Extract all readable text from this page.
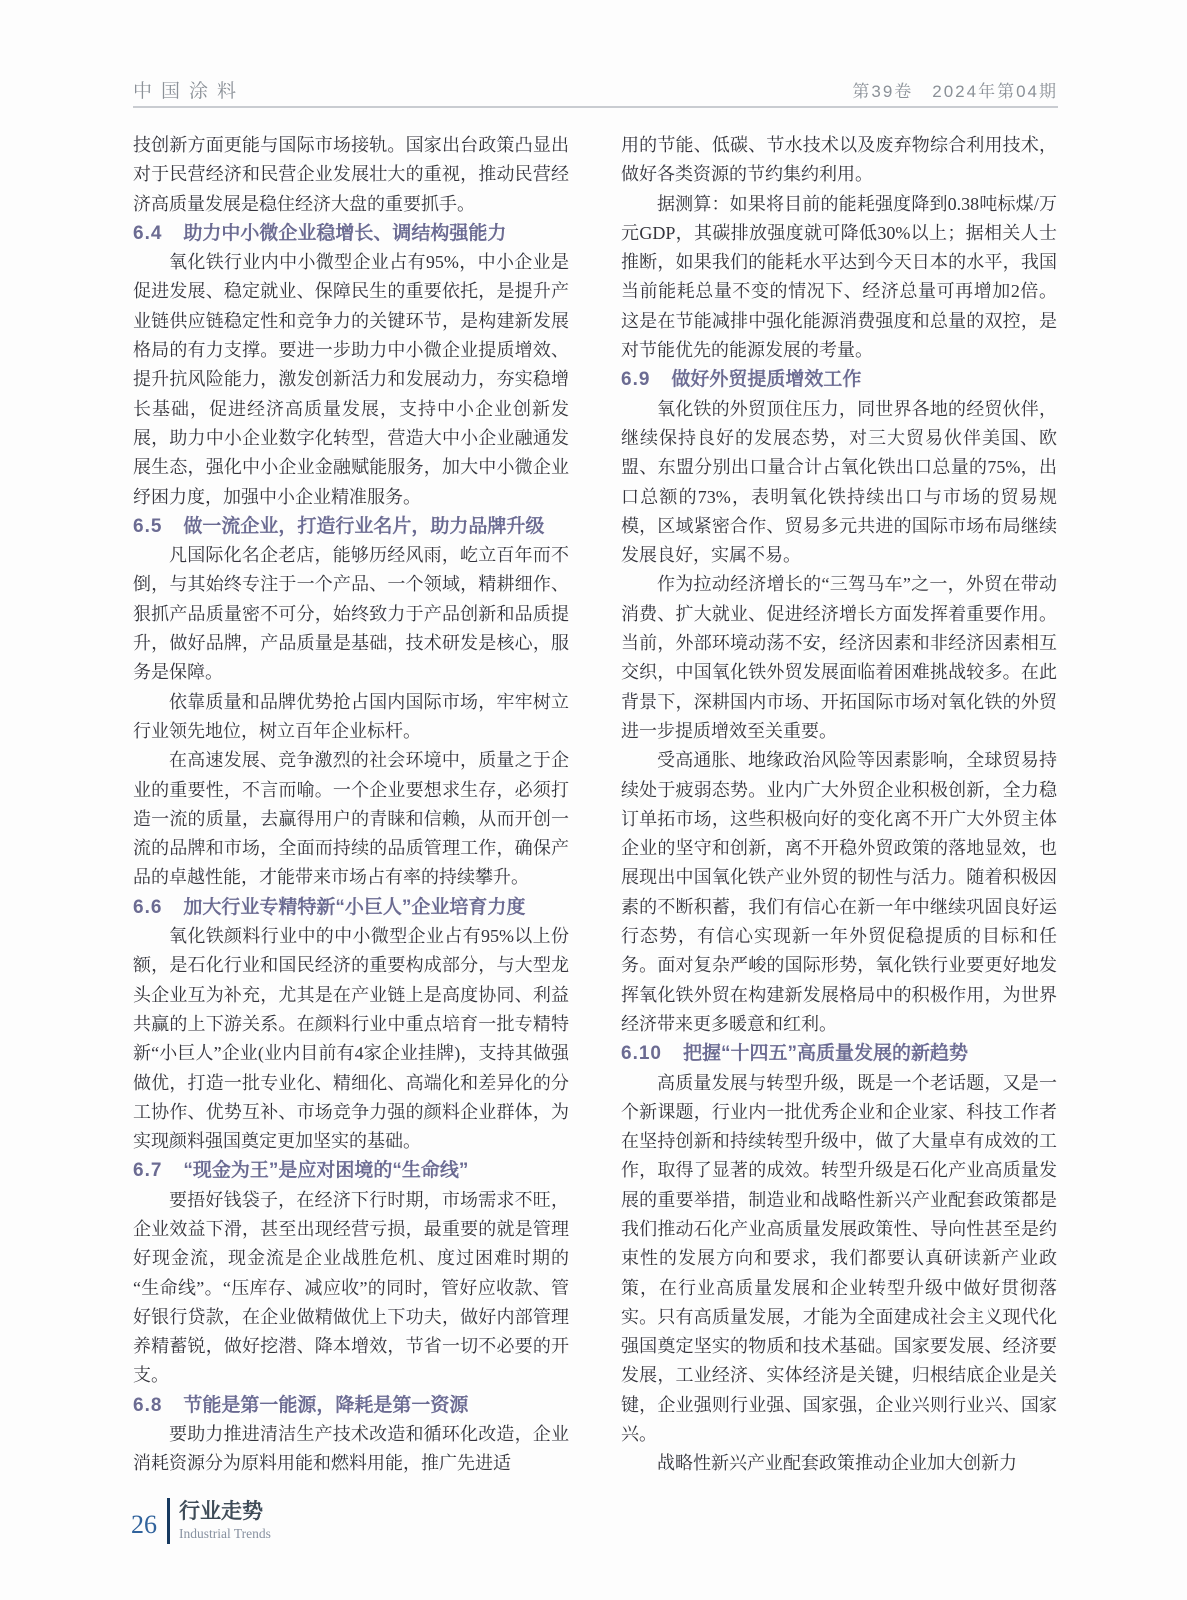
中国涂料	第39卷　2024年第04期

技创新方面更能与国际市场接轨。国家出台政策凸显出对于民营经济和民营企业发展壮大的重视，推动民营经济高质量发展是稳住经济大盘的重要抓手。

6.4 助力中小微企业稳增长、调结构强能力

氧化铁行业内中小微型企业占有95%，中小企业是促进发展、稳定就业、保障民生的重要依托，是提升产业链供应链稳定性和竞争力的关键环节，是构建新发展格局的有力支撑。要进一步助力中小微企业提质增效、提升抗风险能力，激发创新活力和发展动力，夯实稳增长基础，促进经济高质量发展，支持中小企业创新发展，助力中小企业数字化转型，营造大中小企业融通发展生态，强化中小企业金融赋能服务，加大中小微企业纾困力度，加强中小企业精准服务。

6.5 做一流企业，打造行业名片，助力品牌升级

凡国际化名企老店，能够历经风雨，屹立百年而不倒，与其始终专注于一个产品、一个领域，精耕细作、狠抓产品质量密不可分，始终致力于产品创新和品质提升，做好品牌，产品质量是基础，技术研发是核心，服务是保障。

依靠质量和品牌优势抢占国内国际市场，牢牢树立行业领先地位，树立百年企业标杆。

在高速发展、竞争激烈的社会环境中，质量之于企业的重要性，不言而喻。一个企业要想求生存，必须打造一流的质量，去赢得用户的青睐和信赖，从而开创一流的品牌和市场，全面而持续的品质管理工作，确保产品的卓越性能，才能带来市场占有率的持续攀升。

6.6 加大行业专精特新“小巨人”企业培育力度

氧化铁颜料行业中的中小微型企业占有95%以上份额，是石化行业和国民经济的重要构成部分，与大型龙头企业互为补充，尤其是在产业链上是高度协同、利益共赢的上下游关系。在颜料行业中重点培育一批专精特新“小巨人”企业(业内目前有4家企业挂牌)，支持其做强做优，打造一批专业化、精细化、高端化和差异化的分工协作、优势互补、市场竞争力强的颜料企业群体，为实现颜料强国奠定更加坚实的基础。

6.7 “现金为王”是应对困境的“生命线”

要捂好钱袋子，在经济下行时期，市场需求不旺，企业效益下滑，甚至出现经营亏损，最重要的就是管理好现金流，现金流是企业战胜危机、度过困难时期的“生命线”。“压库存、减应收”的同时，管好应收款、管好银行贷款，在企业做精做优上下功夫，做好内部管理养精蓄锐，做好挖潜、降本增效，节省一切不必要的开支。

6.8 节能是第一能源，降耗是第一资源

要助力推进清洁生产技术改造和循环化改造，企业消耗资源分为原料用能和燃料用能，推广先进适

用的节能、低碳、节水技术以及废弃物综合利用技术，做好各类资源的节约集约利用。

据测算：如果将目前的能耗强度降到0.38吨标煤/万元GDP，其碳排放强度就可降低30%以上；据相关人士推断，如果我们的能耗水平达到今天日本的水平，我国当前能耗总量不变的情况下、经济总量可再增加2倍。这是在节能减排中强化能源消费强度和总量的双控，是对节能优先的能源发展的考量。

6.9 做好外贸提质增效工作

氧化铁的外贸顶住压力，同世界各地的经贸伙伴，继续保持良好的发展态势，对三大贸易伙伴美国、欧盟、东盟分别出口量合计占氧化铁出口总量的75%，出口总额的73%，表明氧化铁持续出口与市场的贸易规模，区域紧密合作、贸易多元共进的国际市场布局继续发展良好，实属不易。

作为拉动经济增长的“三驾马车”之一，外贸在带动消费、扩大就业、促进经济增长方面发挥着重要作用。当前，外部环境动荡不安，经济因素和非经济因素相互交织，中国氧化铁外贸发展面临着困难挑战较多。在此背景下，深耕国内市场、开拓国际市场对氧化铁的外贸进一步提质增效至关重要。

受高通胀、地缘政治风险等因素影响，全球贸易持续处于疲弱态势。业内广大外贸企业积极创新，全力稳订单拓市场，这些积极向好的变化离不开广大外贸主体企业的坚守和创新，离不开稳外贸政策的落地显效，也展现出中国氧化铁产业外贸的韧性与活力。随着积极因素的不断积蓄，我们有信心在新一年中继续巩固良好运行态势，有信心实现新一年外贸促稳提质的目标和任务。面对复杂严峻的国际形势，氧化铁行业要更好地发挥氧化铁外贸在构建新发展格局中的积极作用，为世界经济带来更多暖意和红利。

6.10 把握“十四五”高质量发展的新趋势

高质量发展与转型升级，既是一个老话题，又是一个新课题，行业内一批优秀企业和企业家、科技工作者在坚持创新和持续转型升级中，做了大量卓有成效的工作，取得了显著的成效。转型升级是石化产业高质量发展的重要举措，制造业和战略性新兴产业配套政策都是我们推动石化产业高质量发展政策性、导向性甚至是约束性的发展方向和要求，我们都要认真研读新产业政策，在行业高质量发展和企业转型升级中做好贯彻落实。只有高质量发展，才能为全面建成社会主义现代化强国奠定坚实的物质和技术基础。国家要发展、经济要发展，工业经济、实体经济是关键，归根结底企业是关键，企业强则行业强、国家强，企业兴则行业兴、国家兴。

战略性新兴产业配套政策推动企业加大创新力

26 行业走势
Industrial Trends
